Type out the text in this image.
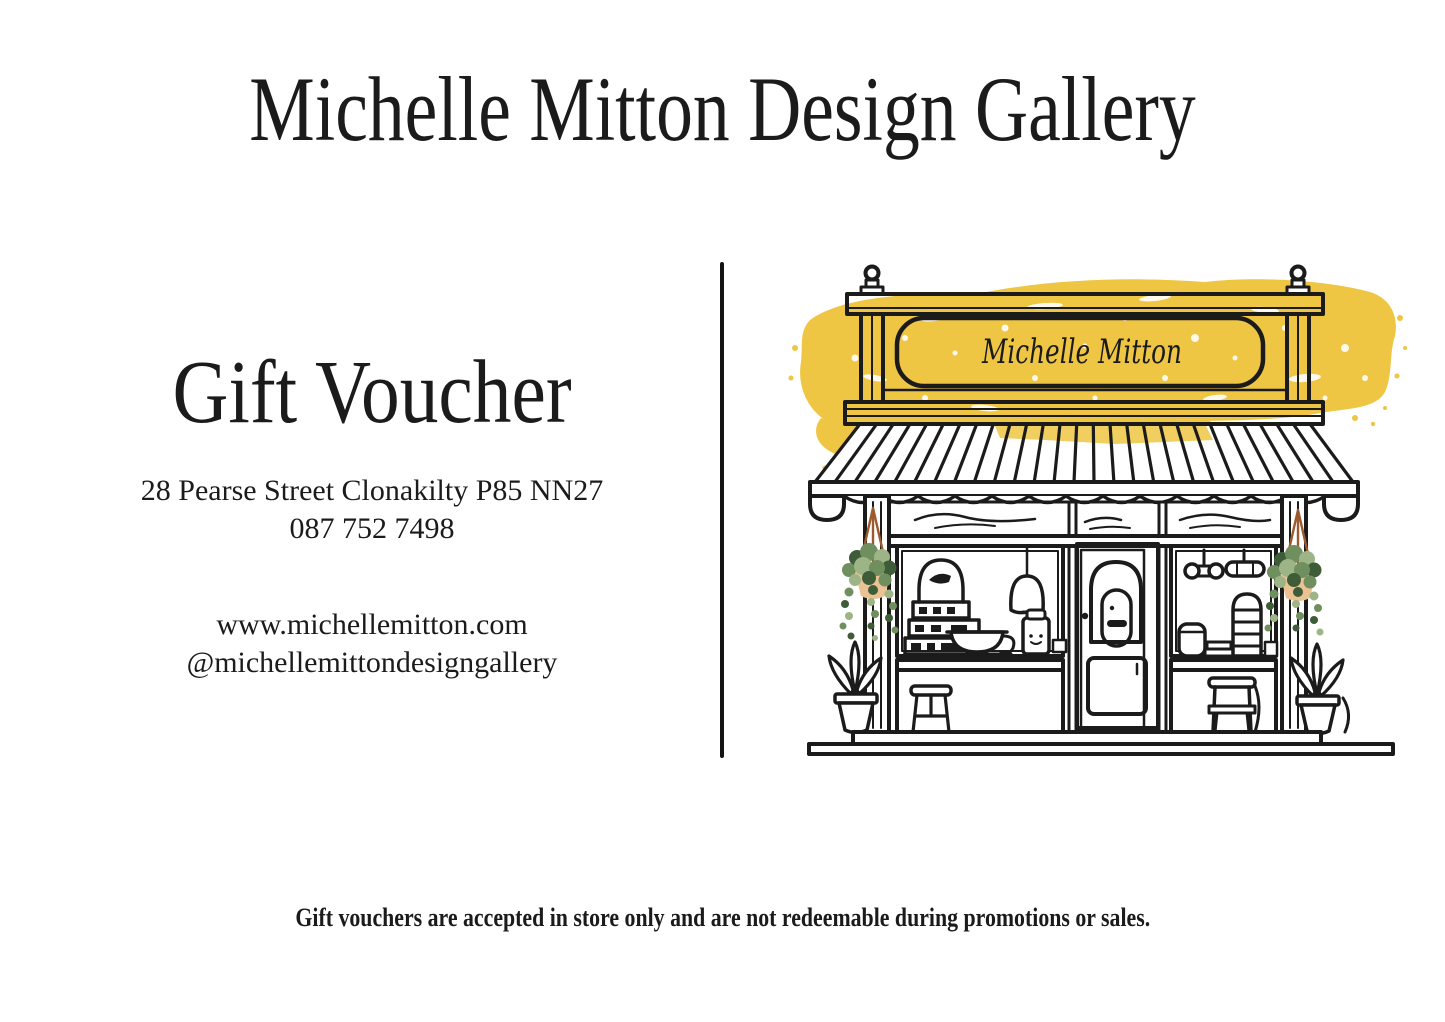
Michelle Mitton Design Gallery
Gift Voucher
28 Pearse Street Clonakilty P85 NN27
087 752 7498
www.michellemitton.com
@michellemittondesigngallery
Michelle Mitton
Gift vouchers are accepted in store only and are not redeemable during promotions or sales.
